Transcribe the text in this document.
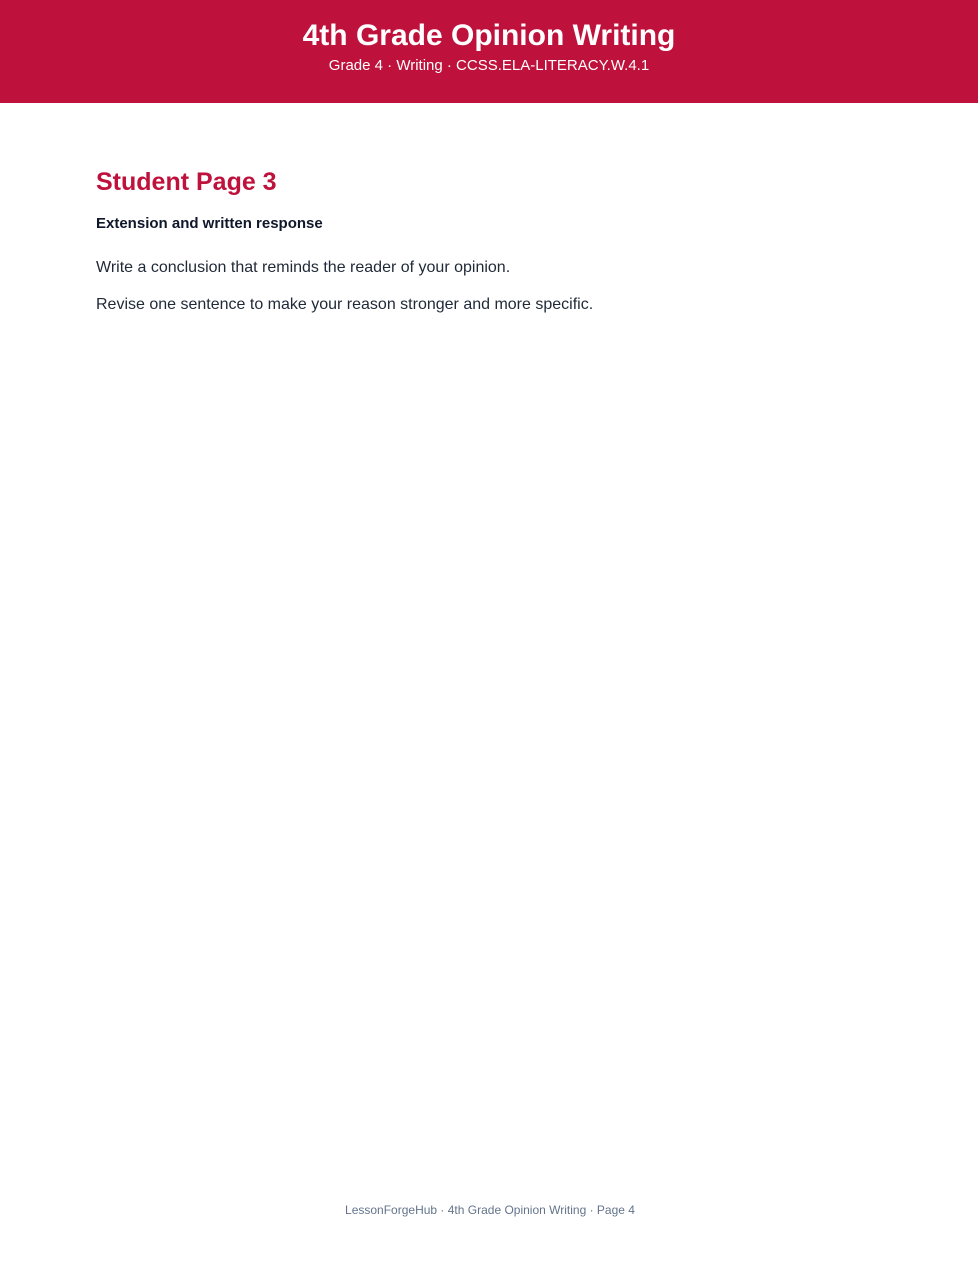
4th Grade Opinion Writing
Grade 4 · Writing · CCSS.ELA-LITERACY.W.4.1
Student Page 3
Extension and written response
Write a conclusion that reminds the reader of your opinion.
Revise one sentence to make your reason stronger and more specific.
LessonForgeHub · 4th Grade Opinion Writing · Page 4
